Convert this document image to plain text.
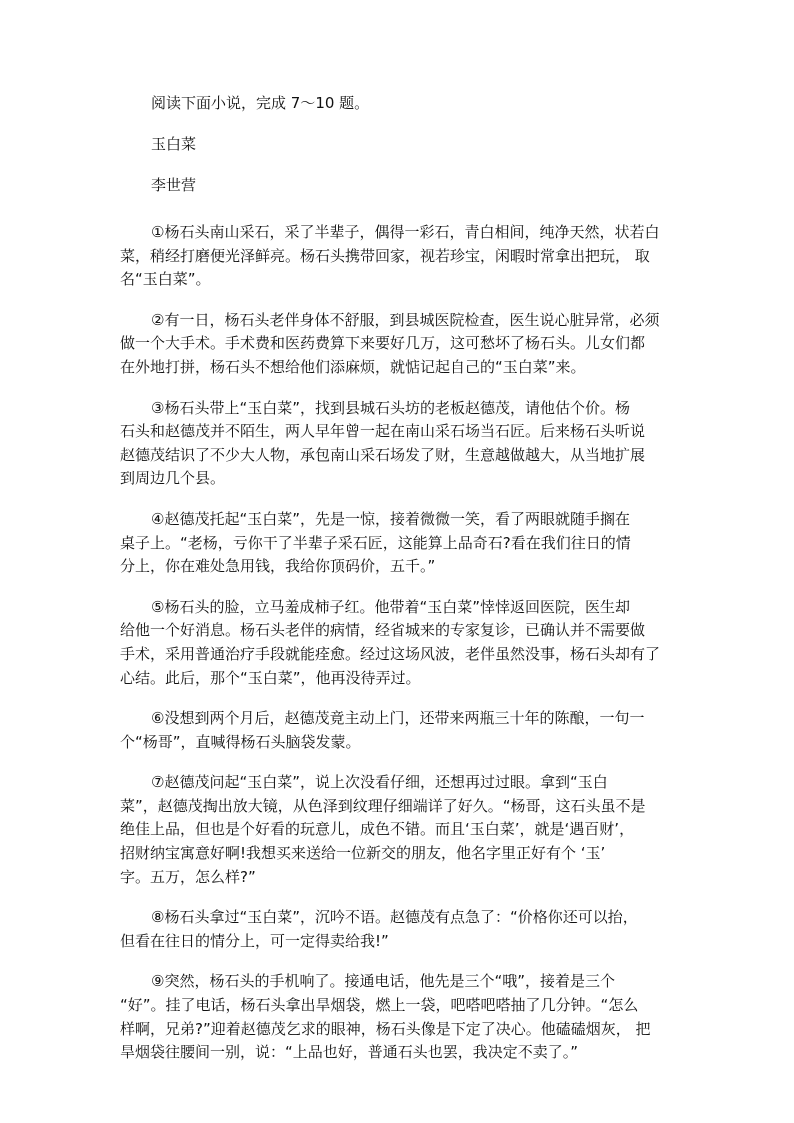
阅读下面小说，完成 7～10 题。

玉白菜

李世营

①杨石头南山采石，采了半辈子，偶得一彩石，青白相间，纯净天然，状若白
菜，稍经打磨便光泽鲜亮。杨石头携带回家，视若珍宝，闲暇时常拿出把玩， 取
名“玉白菜”。
②有一日，杨石头老伴身体不舒服，到县城医院检查，医生说心脏异常，必须
做一个大手术。手术费和医药费算下来要好几万，这可愁坏了杨石头。儿女们都
在外地打拼，杨石头不想给他们添麻烦，就惦记起自己的“玉白菜”来。
③杨石头带上“玉白菜”，找到县城石头坊的老板赵德茂，请他估个价。杨
石头和赵德茂并不陌生，两人早年曾一起在南山采石场当石匠。后来杨石头听说
赵德茂结识了不少大人物，承包南山采石场发了财，生意越做越大，从当地扩展
到周边几个县。
④赵德茂托起“玉白菜”，先是一惊，接着微微一笑，看了两眼就随手搁在
桌子上。“老杨，亏你干了半辈子采石匠，这能算上品奇石?看在我们往日的情
分上，你在难处急用钱，我给你顶码价，五千。”
⑤杨石头的脸，立马羞成柿子红。他带着“玉白菜”悻悻返回医院，医生却
给他一个好消息。杨石头老伴的病情，经省城来的专家复诊，已确认并不需要做
手术，采用普通治疗手段就能痊愈。经过这场风波，老伴虽然没事，杨石头却有了
心结。此后，那个“玉白菜”，他再没待弄过。
⑥没想到两个月后，赵德茂竟主动上门，还带来两瓶三十年的陈酿，一句一
个“杨哥”，直喊得杨石头脑袋发蒙。
⑦赵德茂问起“玉白菜”，说上次没看仔细，还想再过过眼。拿到“玉白
菜”，赵德茂掏出放大镜，从色泽到纹理仔细端详了好久。“杨哥，这石头虽不是
绝佳上品，但也是个好看的玩意儿，成色不错。而且‘玉白菜’，就是‘遇百财’，
招财纳宝寓意好啊!我想买来送给一位新交的朋友，他名字里正好有个 ‘玉’
字。五万，怎么样?”
⑧杨石头拿过“玉白菜”，沉吟不语。赵德茂有点急了：“价格你还可以抬，
但看在往日的情分上，可一定得卖给我!”
⑨突然，杨石头的手机响了。接通电话，他先是三个“哦”，接着是三个
“好”。挂了电话，杨石头拿出旱烟袋，燃上一袋，吧嗒吧嗒抽了几分钟。“怎么
样啊，兄弟?”迎着赵德茂乞求的眼神，杨石头像是下定了决心。他磕磕烟灰， 把
旱烟袋往腰间一别，说：“上品也好，普通石头也罢，我决定不卖了。”
